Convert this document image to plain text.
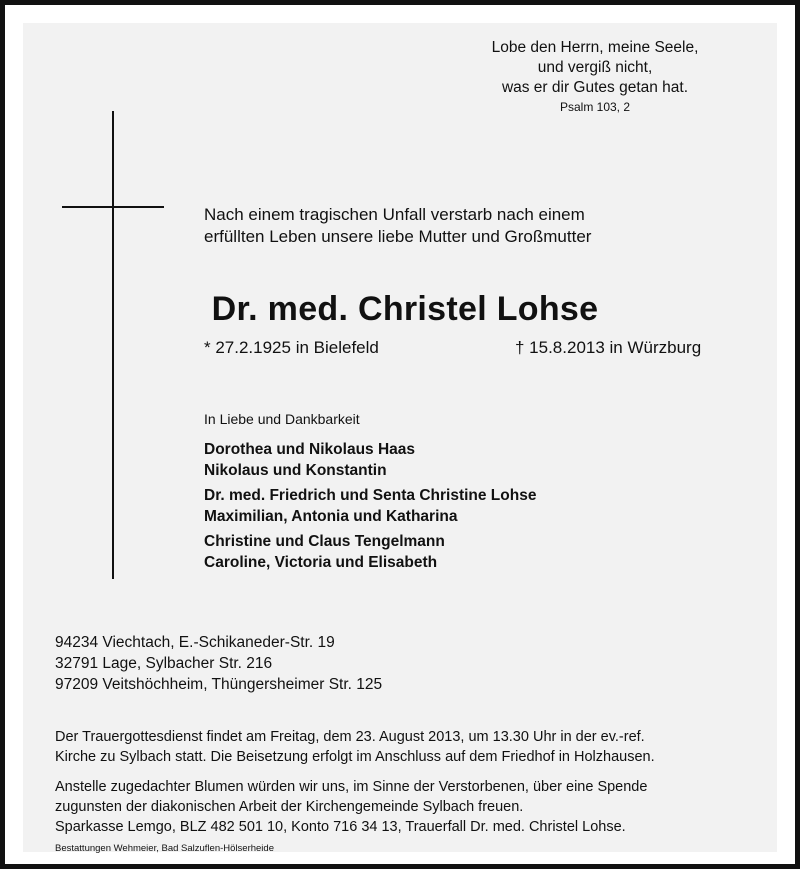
Lobe den Herrn, meine Seele,
und vergiß nicht,
was er dir Gutes getan hat.
Psalm 103, 2
Nach einem tragischen Unfall verstarb nach einem
erfüllten Leben unsere liebe Mutter und Großmutter
Dr. med. Christel Lohse
* 27.2.1925 in Bielefeld	† 15.8.2013 in Würzburg
In Liebe und Dankbarkeit
Dorothea und Nikolaus Haas
Nikolaus und Konstantin
Dr. med. Friedrich und Senta Christine Lohse
Maximilian, Antonia und Katharina
Christine und Claus Tengelmann
Caroline, Victoria und Elisabeth
94234 Viechtach, E.-Schikaneder-Str. 19
32791 Lage, Sylbacher Str. 216
97209 Veitshöchheim, Thüngersheimer Str. 125
Der Trauergottesdienst findet am Freitag, dem 23. August 2013, um 13.30 Uhr in der ev.-ref.
Kirche zu Sylbach statt. Die Beisetzung erfolgt im Anschluss auf dem Friedhof in Holzhausen.
Anstelle zugedachter Blumen würden wir uns, im Sinne der Verstorbenen, über eine Spende
zugunsten der diakonischen Arbeit der Kirchengemeinde Sylbach freuen.
Sparkasse Lemgo, BLZ 482 501 10, Konto 716 34 13, Trauerfall Dr. med. Christel Lohse.
Bestattungen Wehmeier, Bad Salzuflen-Hölserheide
